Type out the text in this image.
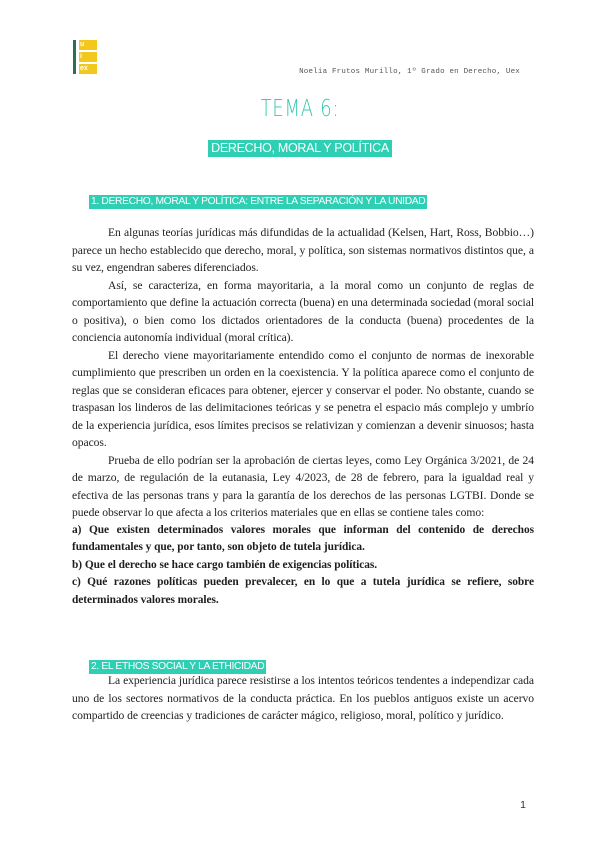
u
i
ex	Noelia Frutos Murillo, 1º Grado en Derecho, Uex
TEMA 6:
DERECHO, MORAL Y POLÍTICA
1. DERECHO, MORAL Y POLÍTICA: ENTRE LA SEPARACIÓN Y LA UNIDAD

En algunas teorías jurídicas más difundidas de la actualidad (Kelsen, Hart, Ross, Bobbio…) parece un hecho establecido que derecho, moral, y política, son sistemas normativos distintos que, a su vez, engendran saberes diferenciados.

Así, se caracteriza, en forma mayoritaria, a la moral como un conjunto de reglas de comportamiento que define la actuación correcta (buena) en una determinada sociedad (moral social o positiva), o bien como los dictados orientadores de la conducta (buena) procedentes de la conciencia autonomía individual (moral crítica).

El derecho viene mayoritariamente entendido como el conjunto de normas de inexorable cumplimiento que prescriben un orden en la coexistencia. Y la política aparece como el conjunto de reglas que se consideran eficaces para obtener, ejercer y conservar el poder. No obstante, cuando se traspasan los linderos de las delimitaciones teóricas y se penetra el espacio más complejo y umbrío de la experiencia jurídica, esos límites precisos se relativizan y comienzan a devenir sinuosos; hasta opacos.

Prueba de ello podrían ser la aprobación de ciertas leyes, como Ley Orgánica 3/2021, de 24 de marzo, de regulación de la eutanasia, Ley 4/2023, de 28 de febrero, para la igualdad real y efectiva de las personas trans y para la garantía de los derechos de las personas LGTBI. Donde se puede observar lo que afecta a los criterios materiales que en ellas se contiene tales como:

a) Que existen determinados valores morales que informan del contenido de derechos fundamentales y que, por tanto, son objeto de tutela jurídica.

b) Que el derecho se hace cargo también de exigencias políticas.

c) Qué razones políticas pueden prevalecer, en lo que a tutela jurídica se refiere, sobre determinados valores morales.

2. EL ETHOS SOCIAL Y LA ETHICIDAD

La experiencia jurídica parece resistirse a los intentos teóricos tendentes a independizar cada uno de los sectores normativos de la conducta práctica. En los pueblos antiguos existe un acervo compartido de creencias y tradiciones de carácter mágico, religioso, moral, político y jurídico.

1
